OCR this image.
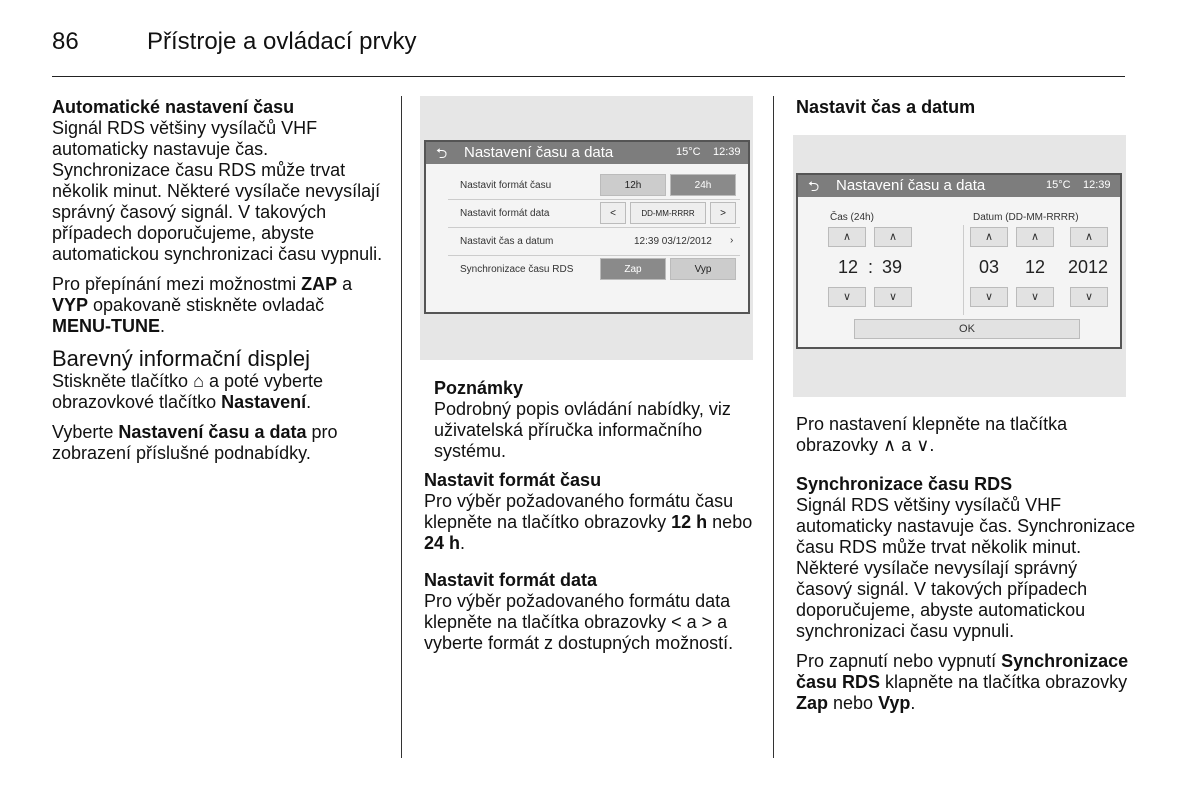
86	Přístroje a ovládací prvky
Automatické nastavení času

Signál RDS většiny vysílačů VHF automaticky nastavuje čas. Synchronizace času RDS může trvat několik minut. Některé vysílače nevysílají správný časový signál. V takových případech doporučujeme, abyste automatickou synchronizaci času vypnuli.

Pro přepínání mezi možnostmi ZAP a VYP opakovaně stiskněte ovladač MENU-TUNE.

Barevný informační displej

Stiskněte tlačítko ⌂ a poté vyberte obrazovkové tlačítko Nastavení.

Vyberte Nastavení času a data pro zobrazení příslušné podnabídky.

⮌ Nastavení času a data	15°C 12:39
Nastavit formát času	12h	24h
Nastavit formát data	<	DD-MM-RRRR	>
Nastavit čas a datum	12:39 03/12/2012 ›
Synchronizace času RDS	Zap	Vyp
Poznámky

Podrobný popis ovládání nabídky, viz uživatelská příručka informačního systému.

Nastavit formát času

Pro výběr požadovaného formátu času klepněte na tlačítko obrazovky 12 h nebo 24 h.

Nastavit formát data

Pro výběr požadovaného formátu data klepněte na tlačítka obrazovky < a > a vyberte formát z dostupných možností.

Nastavit čas a datum
⮌ Nastavení času a data	15°C 12:39
Čas (24h)	Datum (DD-MM-RRRR)
∧	∧	∧	∧	∧
12 : 39	03 12 2012
∨	∨	∨	∨	∨
OK

Pro nastavení klepněte na tlačítka obrazovky ∧ a ∨.

Synchronizace času RDS

Signál RDS většiny vysílačů VHF automaticky nastavuje čas. Synchronizace času RDS může trvat několik minut. Některé vysílače nevysílají správný časový signál. V takových případech doporučujeme, abyste automatickou synchronizaci času vypnuli.

Pro zapnutí nebo vypnutí Synchronizace času RDS klapněte na tlačítka obrazovky Zap nebo Vyp.
